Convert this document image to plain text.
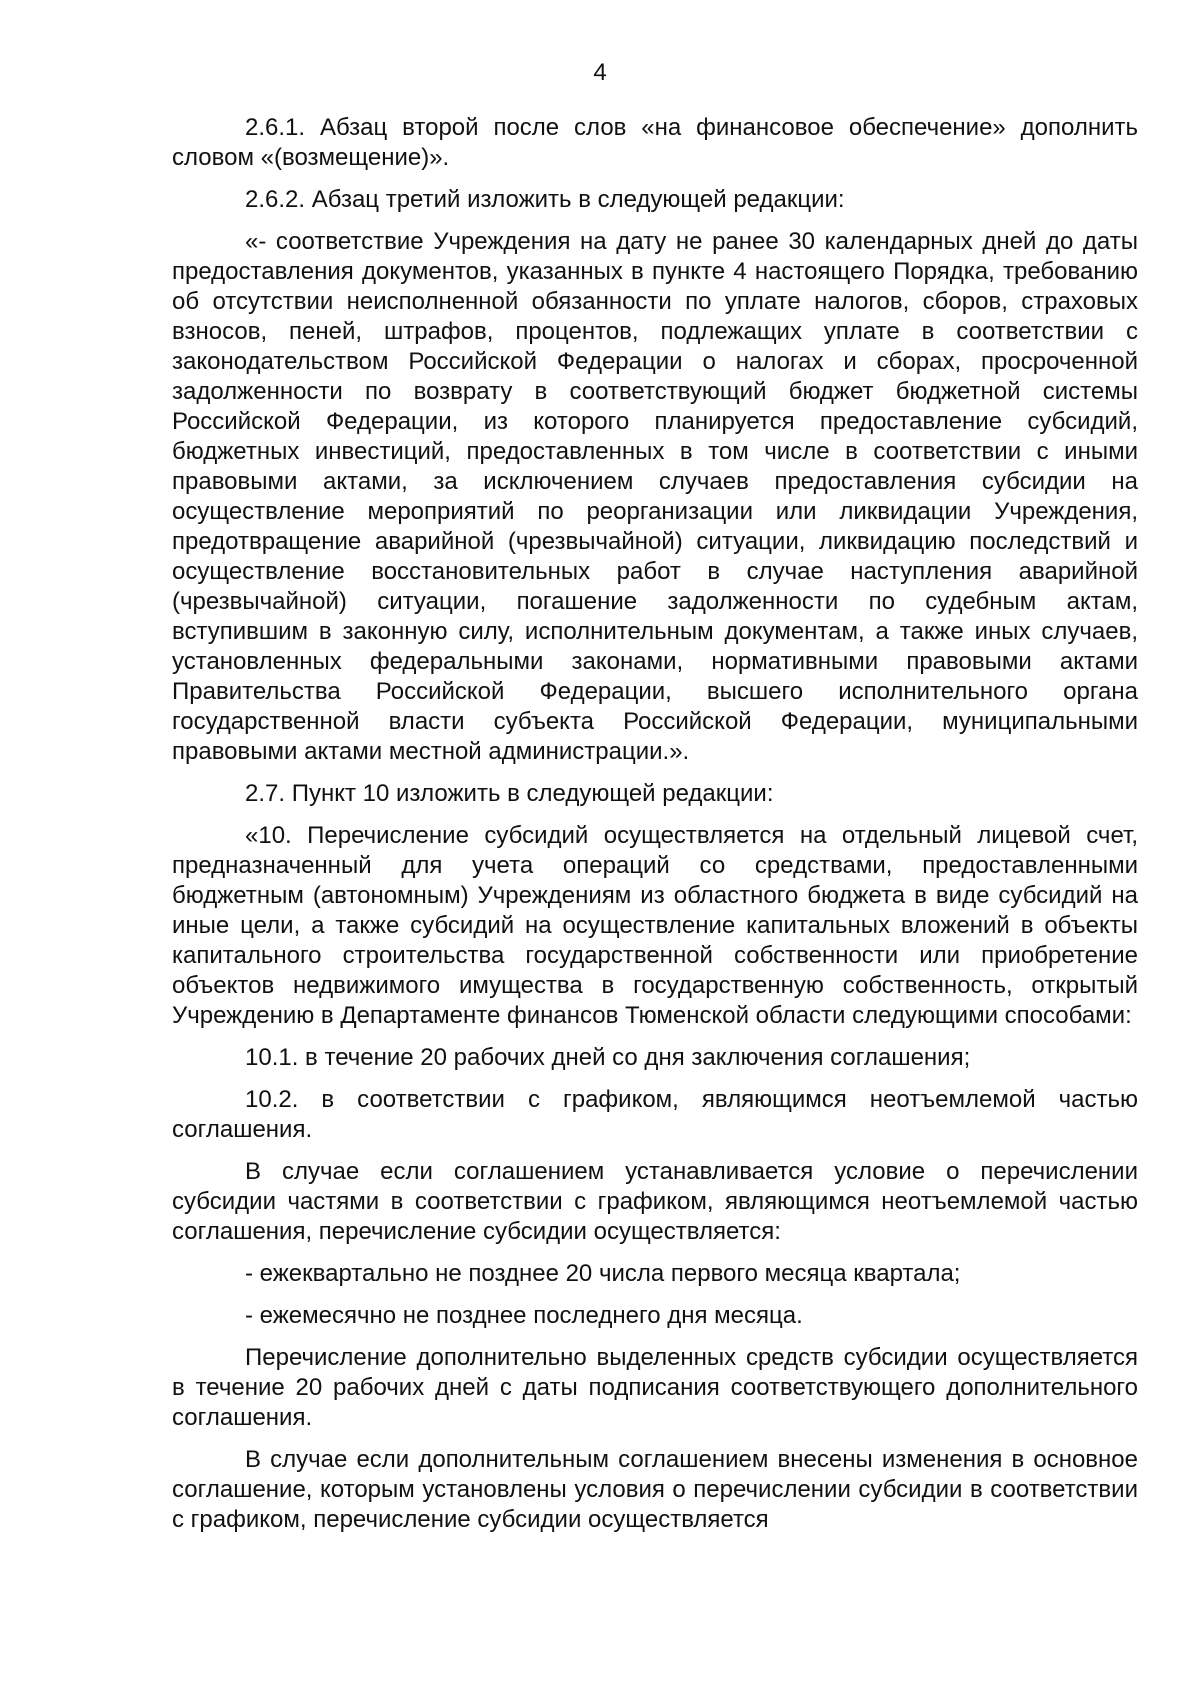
4

2.6.1. Абзац второй после слов «на финансовое обеспечение» дополнить словом «(возмещение)».

2.6.2. Абзац третий изложить в следующей редакции:

«- соответствие Учреждения на дату не ранее 30 календарных дней до даты предоставления документов, указанных в пункте 4 настоящего Порядка, требованию об отсутствии неисполненной обязанности по уплате налогов, сборов, страховых взносов, пеней, штрафов, процентов, подлежащих уплате в соответствии с законодательством Российской Федерации о налогах и сборах, просроченной задолженности по возврату в соответствующий бюджет бюджетной системы Российской Федерации, из которого планируется предоставление субсидий, бюджетных инвестиций, предоставленных в том числе в соответствии с иными правовыми актами, за исключением случаев предоставления субсидии на осуществление мероприятий по реорганизации или ликвидации Учреждения, предотвращение аварийной (чрезвычайной) ситуации, ликвидацию последствий и осуществление восстановительных работ в случае наступления аварийной (чрезвычайной) ситуации, погашение задолженности по судебным актам, вступившим в законную силу, исполнительным документам, а также иных случаев, установленных федеральными законами, нормативными правовыми актами Правительства Российской Федерации, высшего исполнительного органа государственной власти субъекта Российской Федерации, муниципальными правовыми актами местной администрации.».

2.7. Пункт 10 изложить в следующей редакции:

«10. Перечисление субсидий осуществляется на отдельный лицевой счет, предназначенный для учета операций со средствами, предоставленными бюджетным (автономным) Учреждениям из областного бюджета в виде субсидий на иные цели, а также субсидий на осуществление капитальных вложений в объекты капитального строительства государственной собственности или приобретение объектов недвижимого имущества в государственную собственность, открытый Учреждению в Департаменте финансов Тюменской области следующими способами:

10.1. в течение 20 рабочих дней со дня заключения соглашения;

10.2. в соответствии с графиком, являющимся неотъемлемой частью соглашения.

В случае если соглашением устанавливается условие о перечислении субсидии частями в соответствии с графиком, являющимся неотъемлемой частью соглашения, перечисление субсидии осуществляется:

- ежеквартально не позднее 20 числа первого месяца квартала;

- ежемесячно не позднее последнего дня месяца.

Перечисление дополнительно выделенных средств субсидии осуществляется в течение 20 рабочих дней с даты подписания соответствующего дополнительного соглашения.

В случае если дополнительным соглашением внесены изменения в основное соглашение, которым установлены условия о перечислении субсидии в соответствии с графиком, перечисление субсидии осуществляется
